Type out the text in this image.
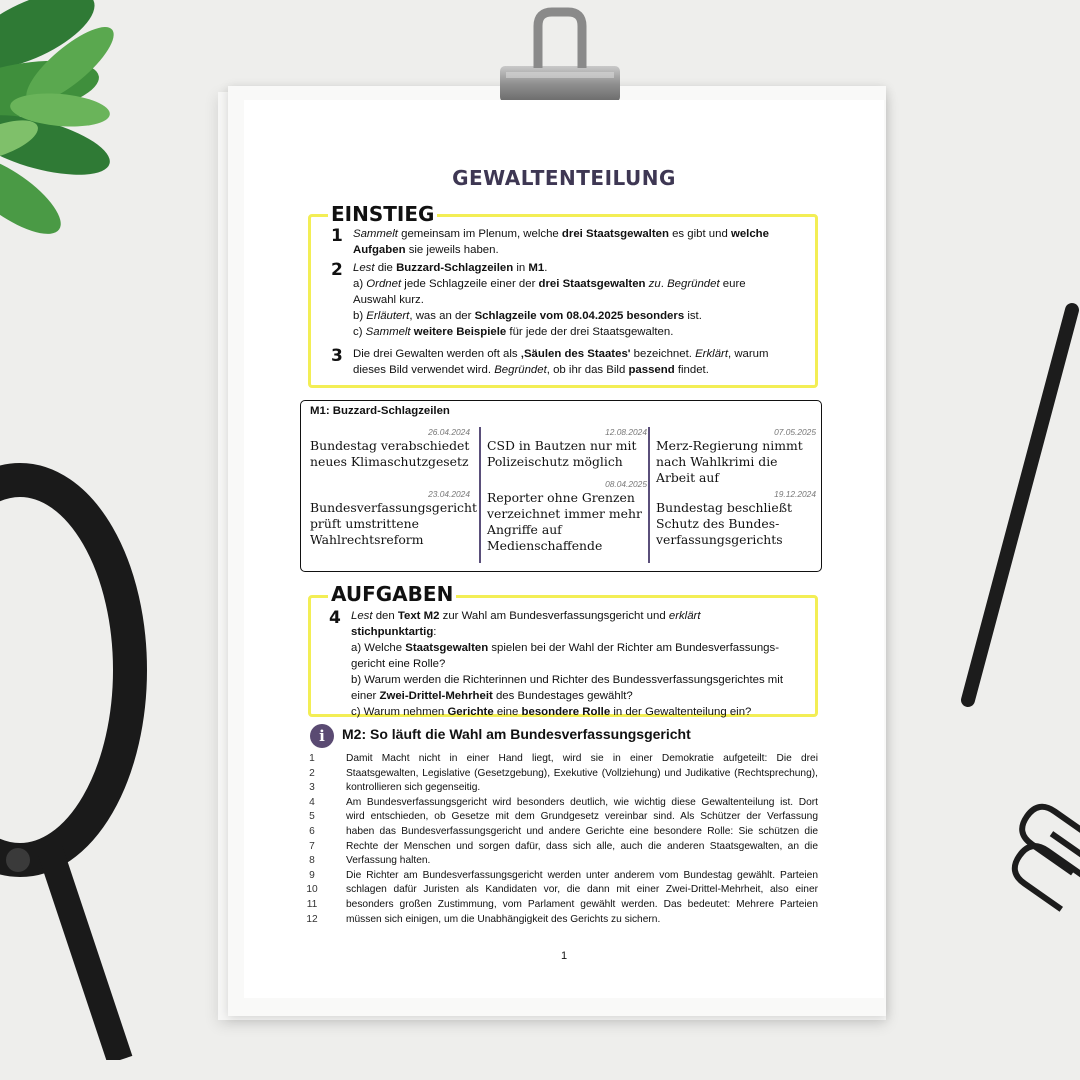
GEWALTENTEILUNG
EINSTIEG
1 Sammelt gemeinsam im Plenum, welche drei Staatsgewalten es gibt und welche Aufgaben sie jeweils haben.

2 Lest die Buzzard-Schlagzeilen in M1.

a) Ordnet jede Schlagzeile einer der drei Staatsgewalten zu. Begründet eure Auswahl kurz.

b) Erläutert, was an der Schlagzeile vom 08.04.2025 besonders ist.

c) Sammelt weitere Beispiele für jede der drei Staatsgewalten.

3 Die drei Gewalten werden oft als ‚Säulen des Staates' bezeichnet. Erklärt, warum dieses Bild verwendet wird. Begründet, ob ihr das Bild passend findet.

M1: Buzzard-Schlagzeilen
26.04.2024
Bundestag verabschiedet neues Klimaschutzgesetz
23.04.2024
Bundesverfassungsgericht prüft umstrittene Wahlrechtsreform
12.08.2024
CSD in Bautzen nur mit Polizeischutz möglich
08.04.2025
Reporter ohne Grenzen verzeichnet immer mehr Angriffe auf Medienschaffende
07.05.2025
Merz-Regierung nimmt nach Wahlkrimi die Arbeit auf
19.12.2024
Bundestag beschließt Schutz des Bundes-verfassungsgerichts
AUFGABEN
4 Lest den Text M2 zur Wahl am Bundesverfassungsgericht und erklärt stichpunktartig:

a) Welche Staatsgewalten spielen bei der Wahl der Richter am Bundesverfassungs-gericht eine Rolle?

b) Warum werden die Richterinnen und Richter des Bundessverfassungsgerichtes mit einer Zwei-Drittel-Mehrheit des Bundestages gewählt?

c) Warum nehmen Gerichte eine besondere Rolle in der Gewaltenteilung ein?

i	M2: So läuft die Wahl am Bundesverfassungsgericht
1	Damit Macht nicht in einer Hand liegt, wird sie in einer Demokratie aufgeteilt: Die drei
2	Staatsgewalten, Legislative (Gesetzgebung), Exekutive (Vollziehung) und Judikative (Rechtsprechung),
3	kontrollieren sich gegenseitig.
4	Am Bundesverfassungsgericht wird besonders deutlich, wie wichtig diese Gewaltenteilung ist. Dort
5	wird entschieden, ob Gesetze mit dem Grundgesetz vereinbar sind. Als Schützer der Verfassung
6	haben das Bundesverfassungsgericht und andere Gerichte eine besondere Rolle: Sie schützen die
7	Rechte der Menschen und sorgen dafür, dass sich alle, auch die anderen Staatsgewalten, an die
8	Verfassung halten.
9	Die Richter am Bundesverfassungsgericht werden unter anderem vom Bundestag gewählt. Parteien
10	schlagen dafür Juristen als Kandidaten vor, die dann mit einer Zwei-Drittel-Mehrheit, also einer
11	besonders großen Zustimmung, vom Parlament gewählt werden. Das bedeutet: Mehrere Parteien
12	müssen sich einigen, um die Unabhängigkeit des Gerichts zu sichern.
1
